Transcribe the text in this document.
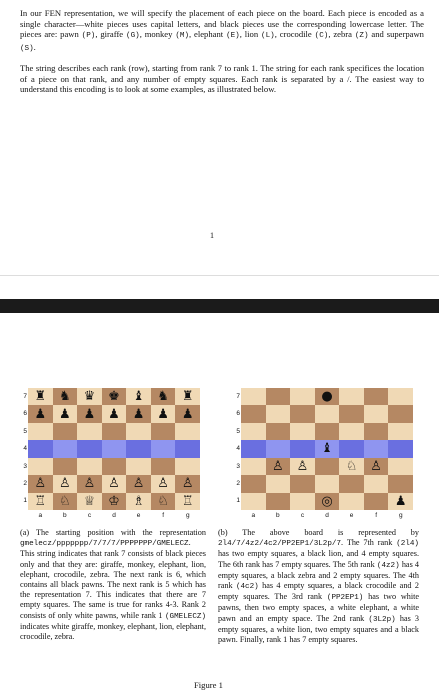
In our FEN representation, we will specify the placement of each piece on the board. Each piece is encoded as a single character—white pieces uses capital letters, and black pieces use the corresponding lowercase letter. The pieces are: pawn (P), giraffe (G), monkey (M), elephant (E), lion (L), crocodile (C), zebra (Z) and superpawn (S).

The string describes each rank (row), starting from rank 7 to rank 1. The string for each rank specifices the location of a piece on that rank, and any number of empty squares. Each rank is separated by a /. The easiest way to understand this encoding is to look at some examples, as illustrated below.

1
7
6
5
4
3
2
1
♜ ♞ ♛ ♚ ♝ ♞ ♜
♟ ♟ ♟ ♟ ♟ ♟ ♟
♙ ♙ ♙ ♙ ♙ ♙ ♙
♖ ♘ ♕ ♔ ♗ ♘ ♖
a	b	c	d	e	f	g
7
6
5
4
3
2
1
●
♝
♙ ♙	♘ ♙
◎	♟
a	b	c	d	e	f	g

(a) The starting position with the representation gmelecz/ppppppp/7/7/7/PPPPPPP/GMELECZ. This string indicates that rank 7 consists of black pieces only and that they are: giraffe, monkey, elephant, lion, elephant, crocodile, zebra. The next rank is 6, which contains all black pawns. The next rank is 5 which has the representation 7. This indicates that there are 7 empty squares. The same is true for ranks 4-3. Rank 2 consists of only white pawns, while rank 1 (GMELECZ) indicates white giraffe, monkey, elephant, lion, elephant, crocodile, zebra.

(b) The above board is represented by 2l4/7/4z2/4c2/PP2EP1/3L2p/7. The 7th rank (2l4) has two empty squares, a black lion, and 4 empty squares. The 6th rank has 7 empty squares. The 5th rank (4z2) has 4 empty squares, a black zebra and 2 empty squares. The 4th rank (4c2) has 4 empty squares, a black crocodile and 2 empty squares. The 3rd rank (PP2EP1) has two white pawns, then two empty spaces, a white elephant, a white pawn and an empty space. The 2nd rank (3L2p) has 3 empty squares, a white lion, two empty squares and a black pawn. Finally, rank 1 has 7 empty squares.

Figure 1
